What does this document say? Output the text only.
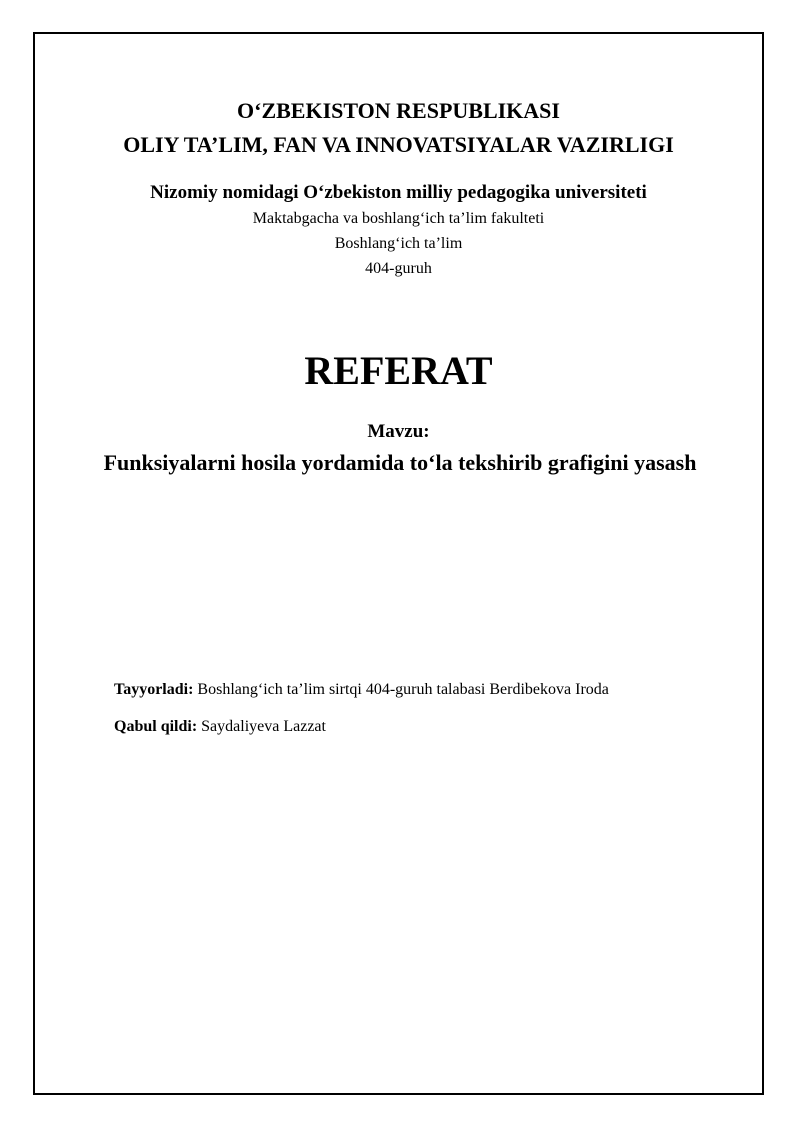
O‘ZBEKISTON RESPUBLIKASI
OLIY TA’LIM, FAN VA INNOVATSIYALAR VAZIRLIGI
Nizomiy nomidagi O‘zbekiston milliy pedagogika universiteti
Maktabgacha va boshlang‘ich ta’lim fakulteti
Boshlang‘ich ta’lim
404-guruh
REFERAT
Mavzu:
Funksiyalarni hosila yordamida to‘la tekshirib grafigini yasash
Tayyorladi: Boshlang‘ich ta’lim sirtqi 404-guruh talabasi Berdibekova Iroda
Qabul qildi: Saydaliyeva Lazzat
